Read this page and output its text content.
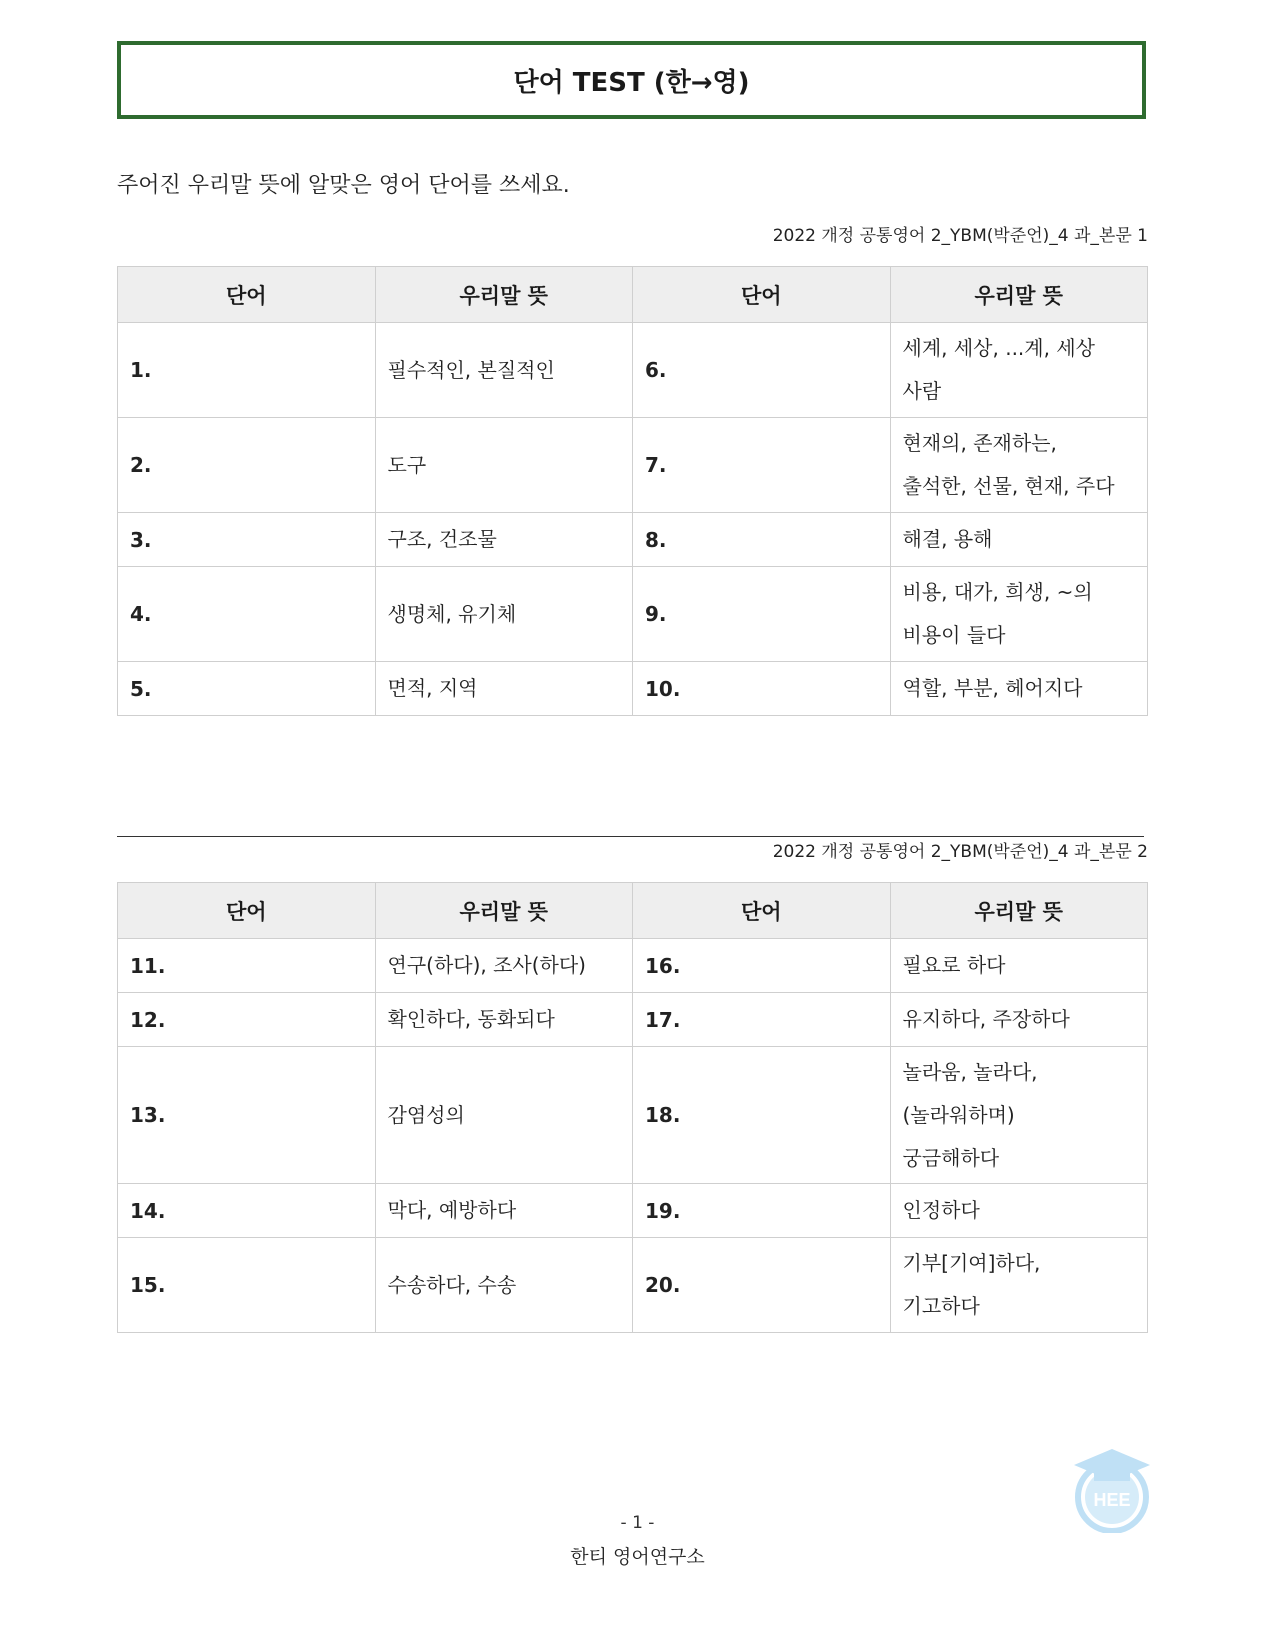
단어 TEST (한→영)
주어진 우리말 뜻에 알맞은 영어 단어를 쓰세요.
2022 개정 공통영어 2_YBM(박준언)_4 과_본문 1
단어	우리말 뜻	단어	우리말 뜻
1.	필수적인, 본질적인	6.	세계, 세상, ...계, 세상
사람

2.	도구	7.	현재의, 존재하는,
출석한, 선물, 현재, 주다

3.	구조, 건조물	8.	해결, 용해

4.	생명체, 유기체	9.	비용, 대가, 희생, ~의
비용이 들다

5.	면적, 지역	10.	역할, 부분, 헤어지다
2022 개정 공통영어 2_YBM(박준언)_4 과_본문 2
단어	우리말 뜻	단어	우리말 뜻
11.	연구(하다), 조사(하다)	16.	필요로 하다

12.	확인하다, 동화되다	17.	유지하다, 주장하다

13.	감염성의	18.	놀라움, 놀라다,
(놀라워하며)
궁금해하다

14.	막다, 예방하다	19.	인정하다

15.	수송하다, 수송	20.	기부[기여]하다,
기고하다
- 1 -
한티 영어연구소
HEE
